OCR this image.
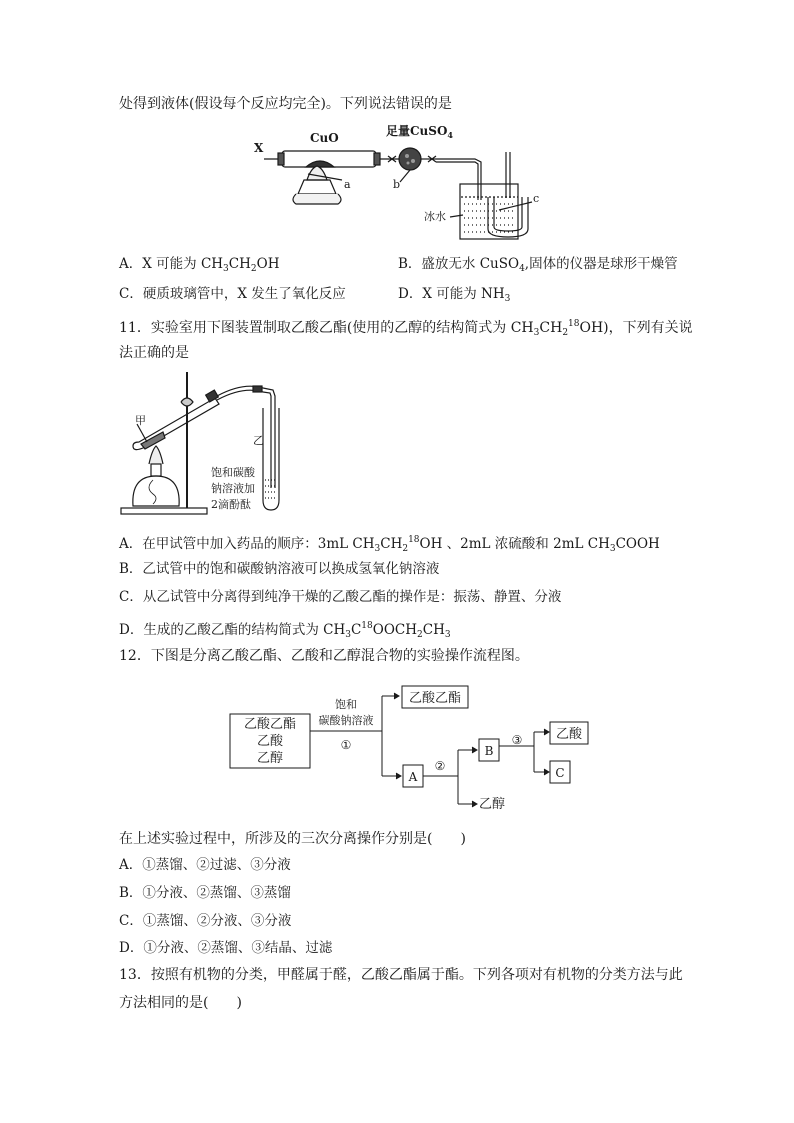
处得到液体(假设每个反应均完全)。下列说法错误的是
X
CuO	足量CuSO$_4$
a	b
c
冰水
A．X 可能为 $CH_3CH_2OH$	B．盛放无水 CuSO$_4$,固体的仪器是球形干燥管
C．硬质玻璃管中，X 发生了氧化反应	D．X 可能为 $NH_3$
11．实验室用下图装置制取乙酸乙酯(使用的乙醇的结构简式为 $CH_3CH_2^{18}OH$)，下列有关说
法正确的是
甲
乙
饱和碳酸
钠溶液加
2滴酚酞
A．在甲试管中加入药品的顺序：3mL $CH_3CH_2^{18}OH$ 、2mL 浓硫酸和 2mL $CH_3COOH$
B．乙试管中的饱和碳酸钠溶液可以换成氢氧化钠溶液
C．从乙试管中分离得到纯净干燥的乙酸乙酯的操作是：振荡、静置、分液
D．生成的乙酸乙酯的结构简式为 $CH_3C^{18}OOCH_2CH_3$
12．下图是分离乙酸乙酯、乙酸和乙醇混合物的实验操作流程图。
乙酸乙酯
乙酸
乙醇
饱和
碳酸钠溶液
①
乙酸乙酯
A
②
乙醇
B
③	乙酸
C
在上述实验过程中，所涉及的三次分离操作分别是(　　)
A．①蒸馏、②过滤、③分液
B．①分液、②蒸馏、③蒸馏
C．①蒸馏、②分液、③分液
D．①分液、②蒸馏、③结晶、过滤
13．按照有机物的分类，甲醛属于醛，乙酸乙酯属于酯。下列各项对有机物的分类方法与此
方法相同的是(　　)
